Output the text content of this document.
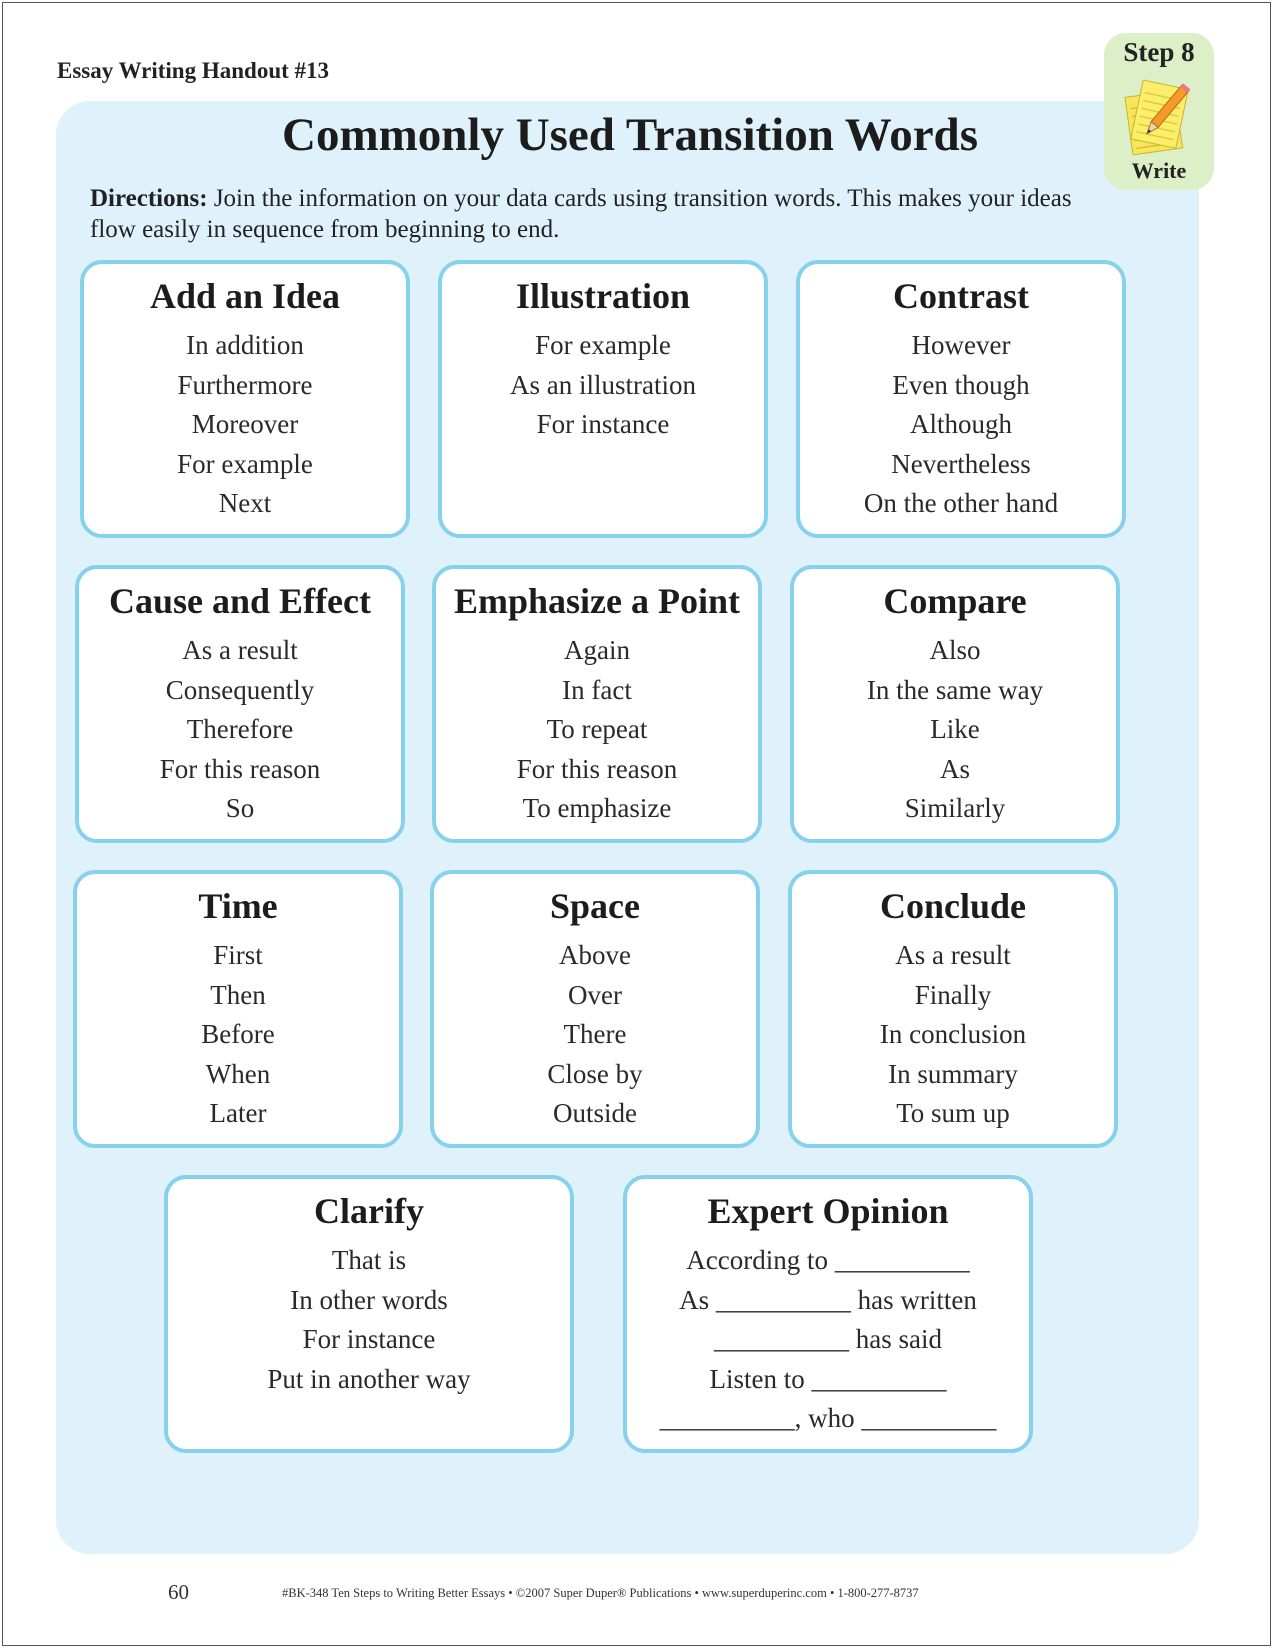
Essay Writing Handout #13
Commonly Used Transition Words
Directions: Join the information on your data cards using transition words. This makes your ideas flow easily in sequence from beginning to end.
Step 8
Write
Add an Idea
In addition
Furthermore
Moreover
For example
Next
Illustration
For example
As an illustration
For instance
Contrast
However
Even though
Although
Nevertheless
On the other hand
Cause and Effect
As a result
Consequently
Therefore
For this reason
So
Emphasize a Point
Again
In fact
To repeat
For this reason
To emphasize
Compare
Also
In the same way
Like
As
Similarly
Time
First
Then
Before
When
Later
Space
Above
Over
There
Close by
Outside
Conclude
As a result
Finally
In conclusion
In summary
To sum up
Clarify
That is
In other words
For instance
Put in another way
Expert Opinion
According to __________
As __________ has written
__________ has said
Listen to __________
__________, who __________
60	#BK-348 Ten Steps to Writing Better Essays • ©2007 Super Duper® Publications • www.superduperinc.com • 1-800-277-8737
